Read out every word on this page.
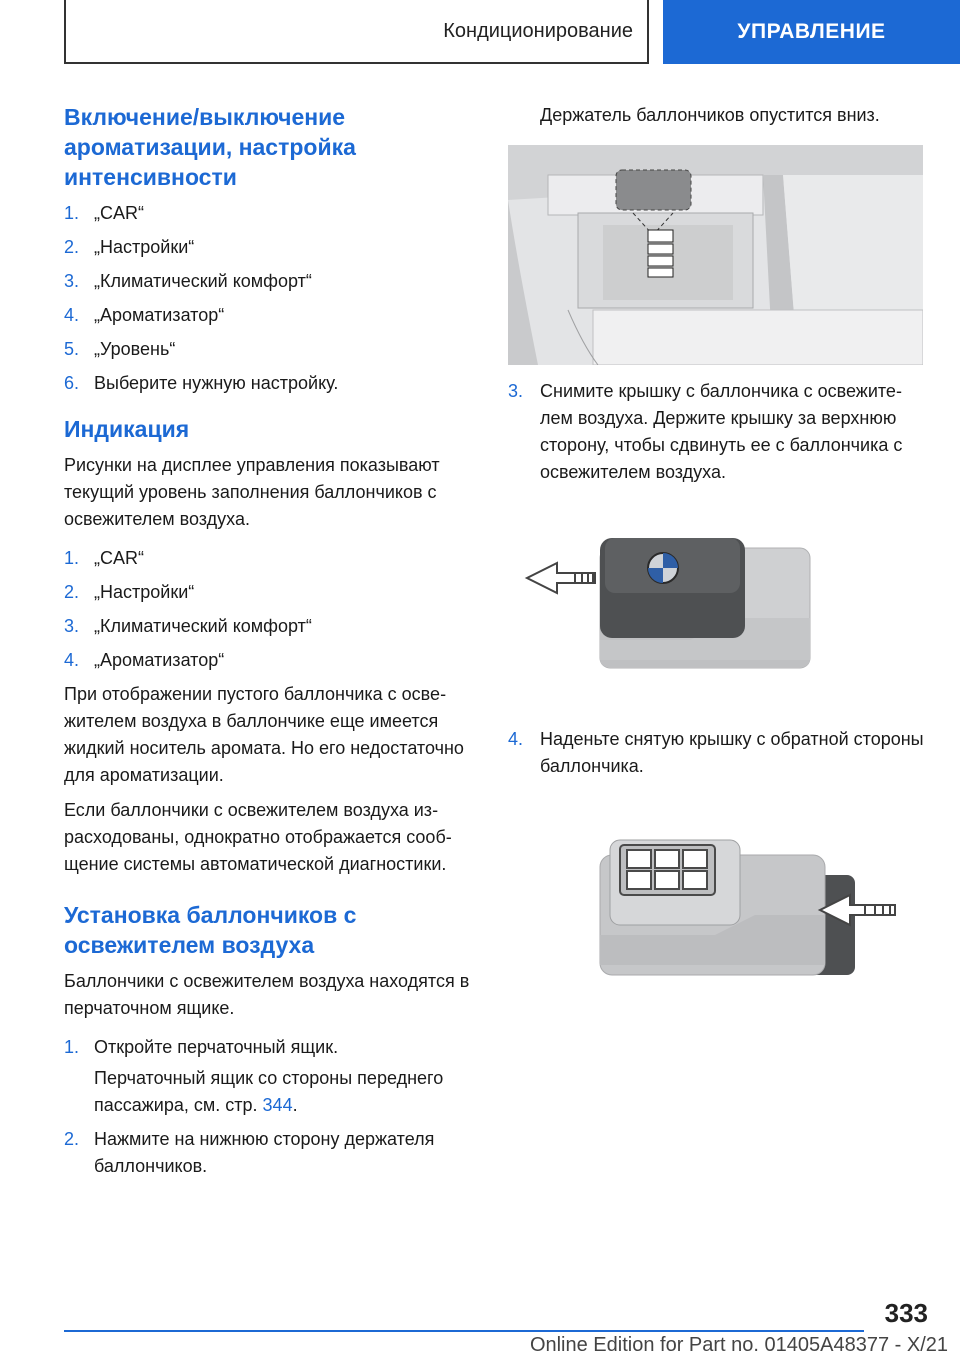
Кондиционирование	УПРАВЛЕНИЕ
Включение/выключение ароматизации, настройка интенсивности
1. „CAR“
2. „Настройки“
3. „Климатический комфорт“
4. „Ароматизатор“
5. „Уровень“
6. Выберите нужную настройку.
Индикация

Рисунки на дисплее управления показывают текущий уровень заполнения баллончиков с освежителем воздуха.

1. „CAR“
2. „Настройки“
3. „Климатический комфорт“
4. „Ароматизатор“

При отображении пустого баллончика с освежителем воздуха в баллончике еще имеется жидкий носитель аромата. Но его недостаточно для ароматизации.

Если баллончики с освежителем воздуха израсходованы, однократно отображается сообщение системы автоматической диагностики.

Установка баллончиков с освежителем воздуха

Баллончики с освежителем воздуха находятся в перчаточном ящике.

1. Откройте перчаточный ящик.

Перчаточный ящик со стороны переднего пассажира, см. стр. 344.

2. Нажмите на нижнюю сторону держателя баллончиков.

Держатель баллончиков опустится вниз.

3. Снимите крышку с баллончика с освежителем воздуха. Держите крышку за верхнюю сторону, чтобы сдвинуть ее с баллончика с освежителем воздуха.
4. Наденьте снятую крышку с обратной стороны баллончика.
333
Online Edition for Part no. 01405A48377 - X/21
